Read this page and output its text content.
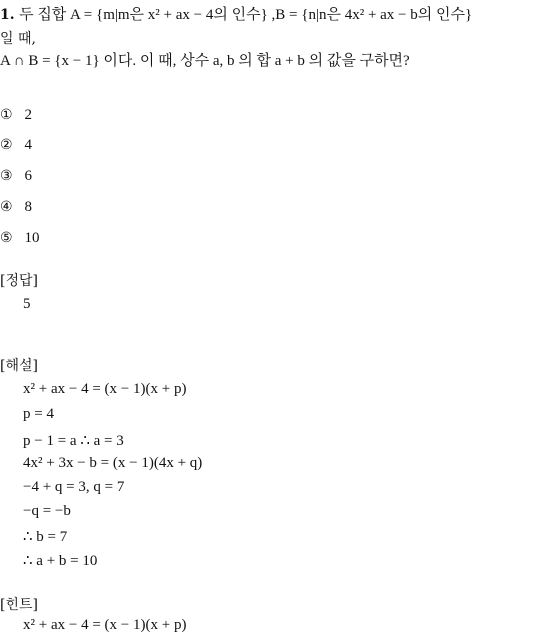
1. 두 집합 A = {m|m은 x² + ax − 4의 인수} ,B = {n|n은 4x² + ax − b의 인수}
일 때,
A ∩ B = {x − 1} 이다. 이 때, 상수 a, b 의 합 a + b 의 값을 구하면?
① 2
② 4
③ 6
④ 8
⑤ 10
[정답]
5
[해설]
x² + ax − 4 = (x − 1)(x + p)
p = 4
p − 1 = a ∴ a = 3
4x² + 3x − b = (x − 1)(4x + q)
−4 + q = 3, q = 7
−q = −b
∴ b = 7
∴ a + b = 10
[힌트]
x² + ax − 4 = (x − 1)(x + p)
